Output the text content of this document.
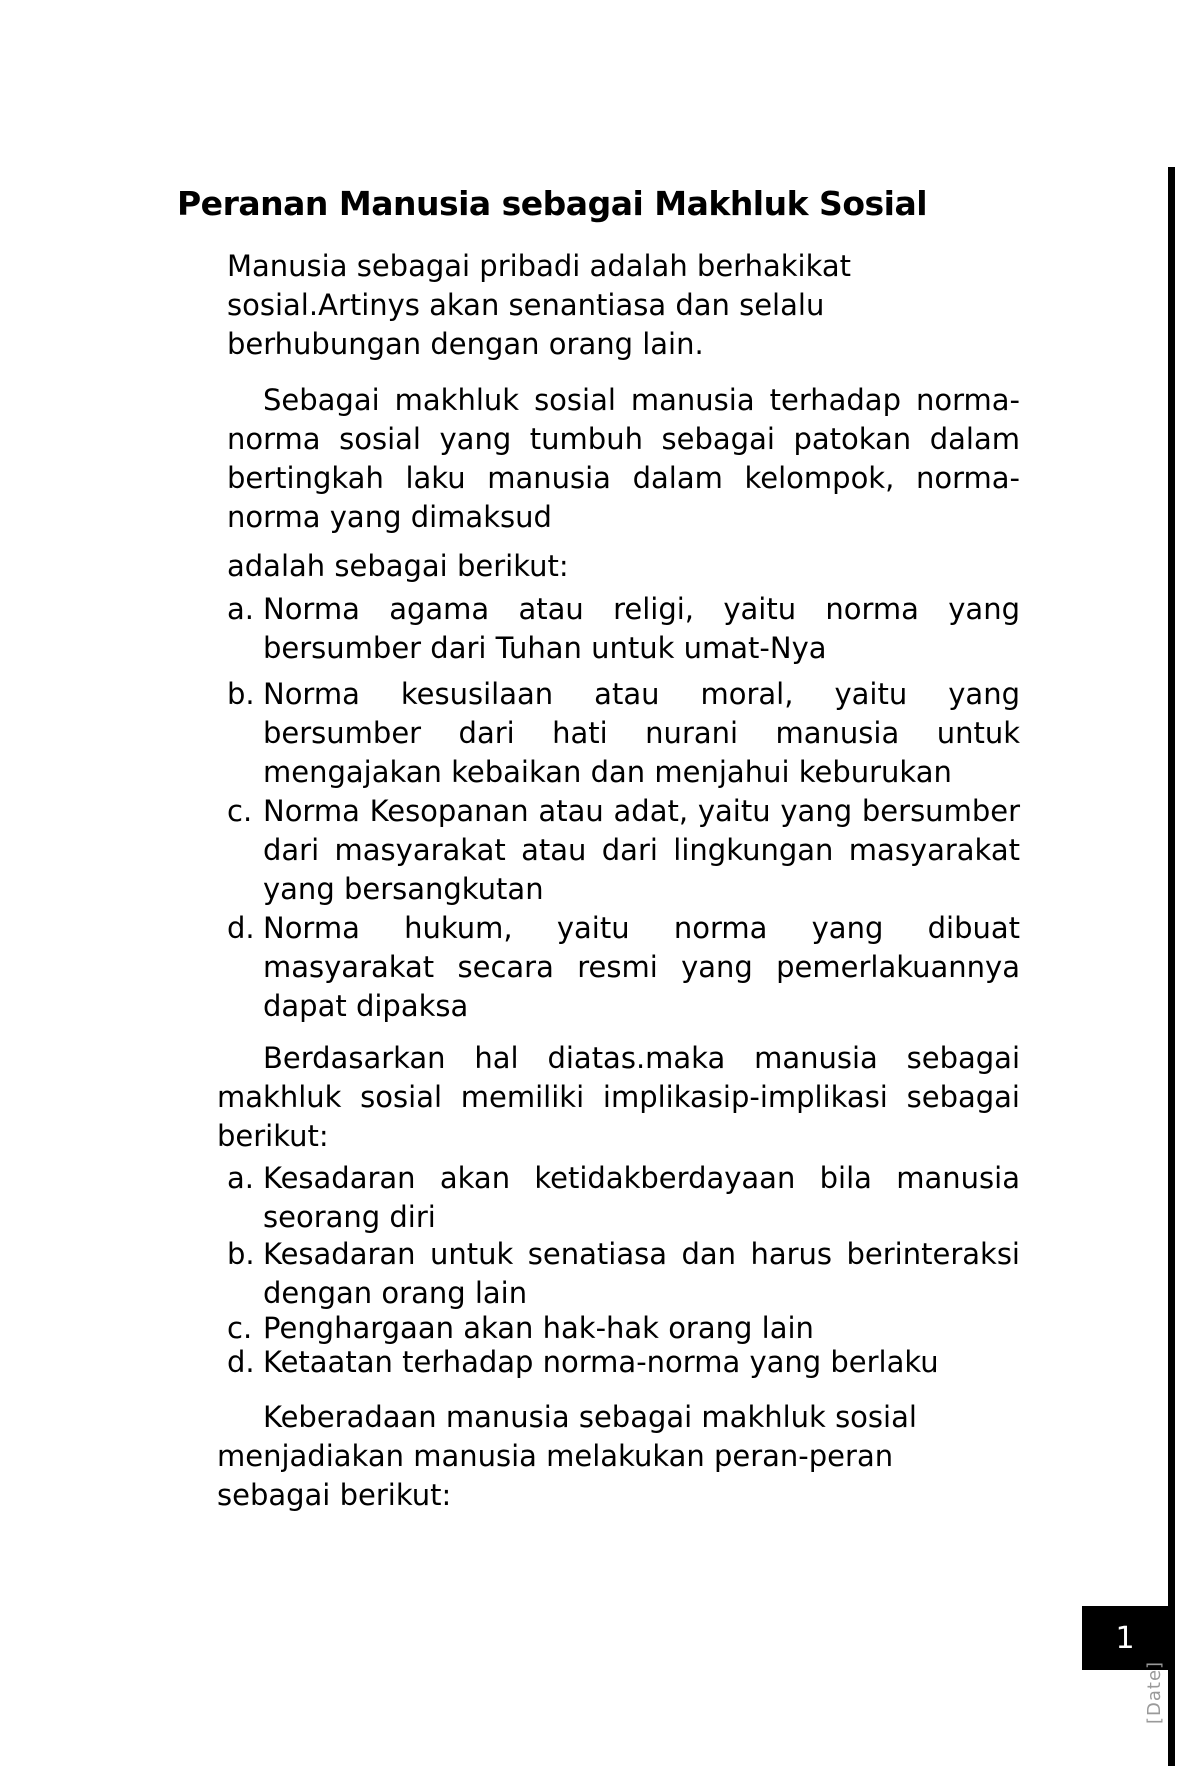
1
[Date]
Peranan Manusia sebagai Makhluk Sosial

Manusia sebagai pribadi adalah berhakikat
sosial.Artinys akan senantiasa dan selalu
berhubungan dengan orang lain.

Sebagai makhluk sosial manusia terhadap norma-norma sosial yang tumbuh sebagai patokan dalam bertingkah laku manusia dalam kelompok, norma-norma yang dimaksud

adalah sebagai berikut:

a. Norma agama atau religi, yaitu norma yang bersumber dari Tuhan untuk umat-Nya
b. Norma kesusilaan atau moral, yaitu yang bersumber dari hati nurani manusia untuk mengajakan kebaikan dan menjahui keburukan
c. Norma Kesopanan atau adat, yaitu yang bersumber dari masyarakat atau dari lingkungan masyarakat yang bersangkutan
d. Norma hukum, yaitu norma yang dibuat masyarakat secara resmi yang pemerlakuannya dapat dipaksa

Berdasarkan hal diatas.maka manusia sebagai makhluk sosial memiliki implikasip-implikasi sebagai berikut:

a. Kesadaran akan ketidakberdayaan bila manusia seorang diri
b. Kesadaran untuk senatiasa dan harus berinteraksi dengan orang lain
c. Penghargaan akan hak-hak orang lain
d. Ketaatan terhadap norma-norma yang berlaku

Keberadaan manusia sebagai makhluk sosial menjadiakan manusia melakukan peran-peran sebagai berikut:
